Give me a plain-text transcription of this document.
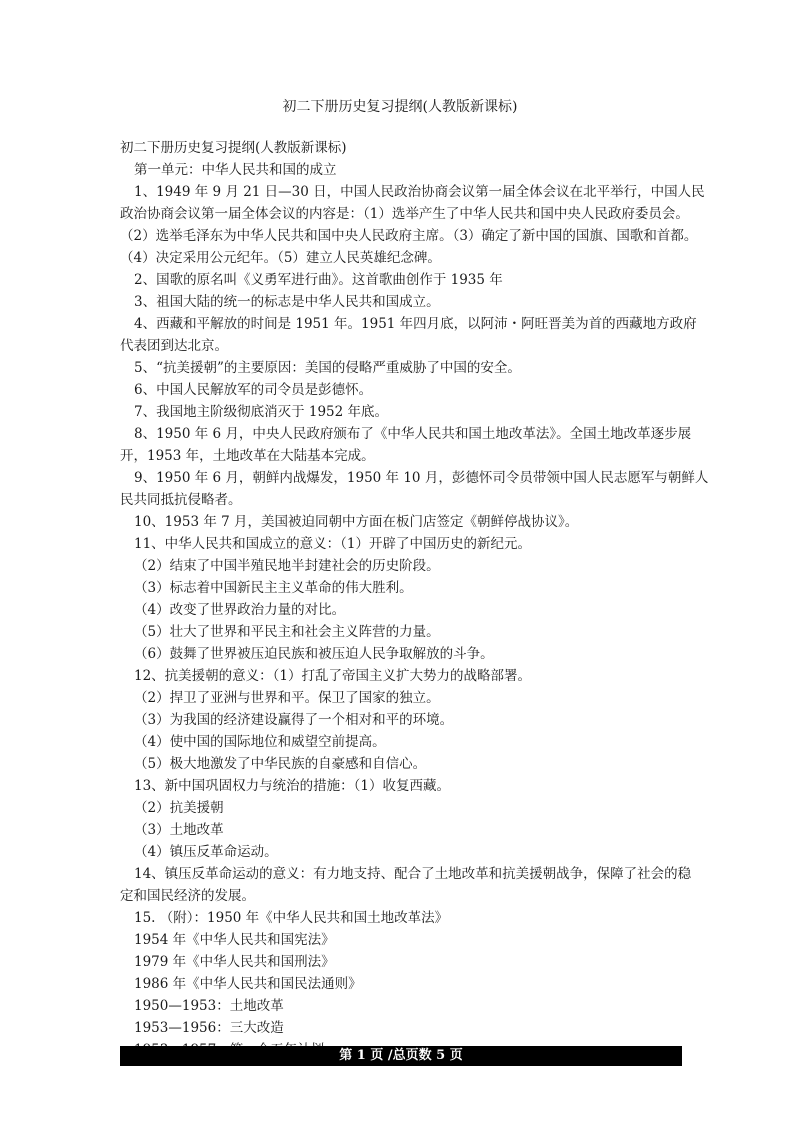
初二下册历史复习提纲(人教版新课标)
初二下册历史复习提纲(人教版新课标)
第一单元：中华人民共和国的成立
1、1949 年 9 月 21 日—30 日，中国人民政治协商会议第一届全体会议在北平举行，中国人民
政治协商会议第一届全体会议的内容是：（1）选举产生了中华人民共和国中央人民政府委员会。
（2）选举毛泽东为中华人民共和国中央人民政府主席。（3）确定了新中国的国旗、国歌和首都。
（4）决定采用公元纪年。（5）建立人民英雄纪念碑。
2、国歌的原名叫《义勇军进行曲》。这首歌曲创作于 1935 年
3、祖国大陆的统一的标志是中华人民共和国成立。
4、西藏和平解放的时间是 1951 年。1951 年四月底，以阿沛・阿旺晋美为首的西藏地方政府
代表团到达北京。
5、“抗美援朝”的主要原因：美国的侵略严重威胁了中国的安全。
6、中国人民解放军的司令员是彭德怀。
7、我国地主阶级彻底消灭于 1952 年底。
8、1950 年 6 月，中央人民政府颁布了《中华人民共和国土地改革法》。全国土地改革逐步展
开，1953 年，土地改革在大陆基本完成。
9、1950 年 6 月，朝鲜内战爆发，1950 年 10 月，彭德怀司令员带领中国人民志愿军与朝鲜人
民共同抵抗侵略者。
10、1953 年 7 月，美国被迫同朝中方面在板门店签定《朝鲜停战协议》。
11、中华人民共和国成立的意义：（1）开辟了中国历史的新纪元。
（2）结束了中国半殖民地半封建社会的历史阶段。
（3）标志着中国新民主主义革命的伟大胜利。
（4）改变了世界政治力量的对比。
（5）壮大了世界和平民主和社会主义阵营的力量。
（6）鼓舞了世界被压迫民族和被压迫人民争取解放的斗争。
12、抗美援朝的意义：（1）打乱了帝国主义扩大势力的战略部署。
（2）捍卫了亚洲与世界和平。保卫了国家的独立。
（3）为我国的经济建设赢得了一个相对和平的环境。
（4）使中国的国际地位和威望空前提高。
（5）极大地激发了中华民族的自豪感和自信心。
13、新中国巩固权力与统治的措施：（1）收复西藏。
（2）抗美援朝
（3）土地改革
（4）镇压反革命运动。
14、镇压反革命运动的意义：有力地支持、配合了土地改革和抗美援朝战争，保障了社会的稳
定和国民经济的发展。
15. （附）：1950 年《中华人民共和国土地改革法》
1954 年《中华人民共和国宪法》
1979 年《中华人民共和国刑法》
1986 年《中华人民共和国民法通则》
1950—1953：土地改革
1953—1956：三大改造
第 1 页 /总页数 5 页
